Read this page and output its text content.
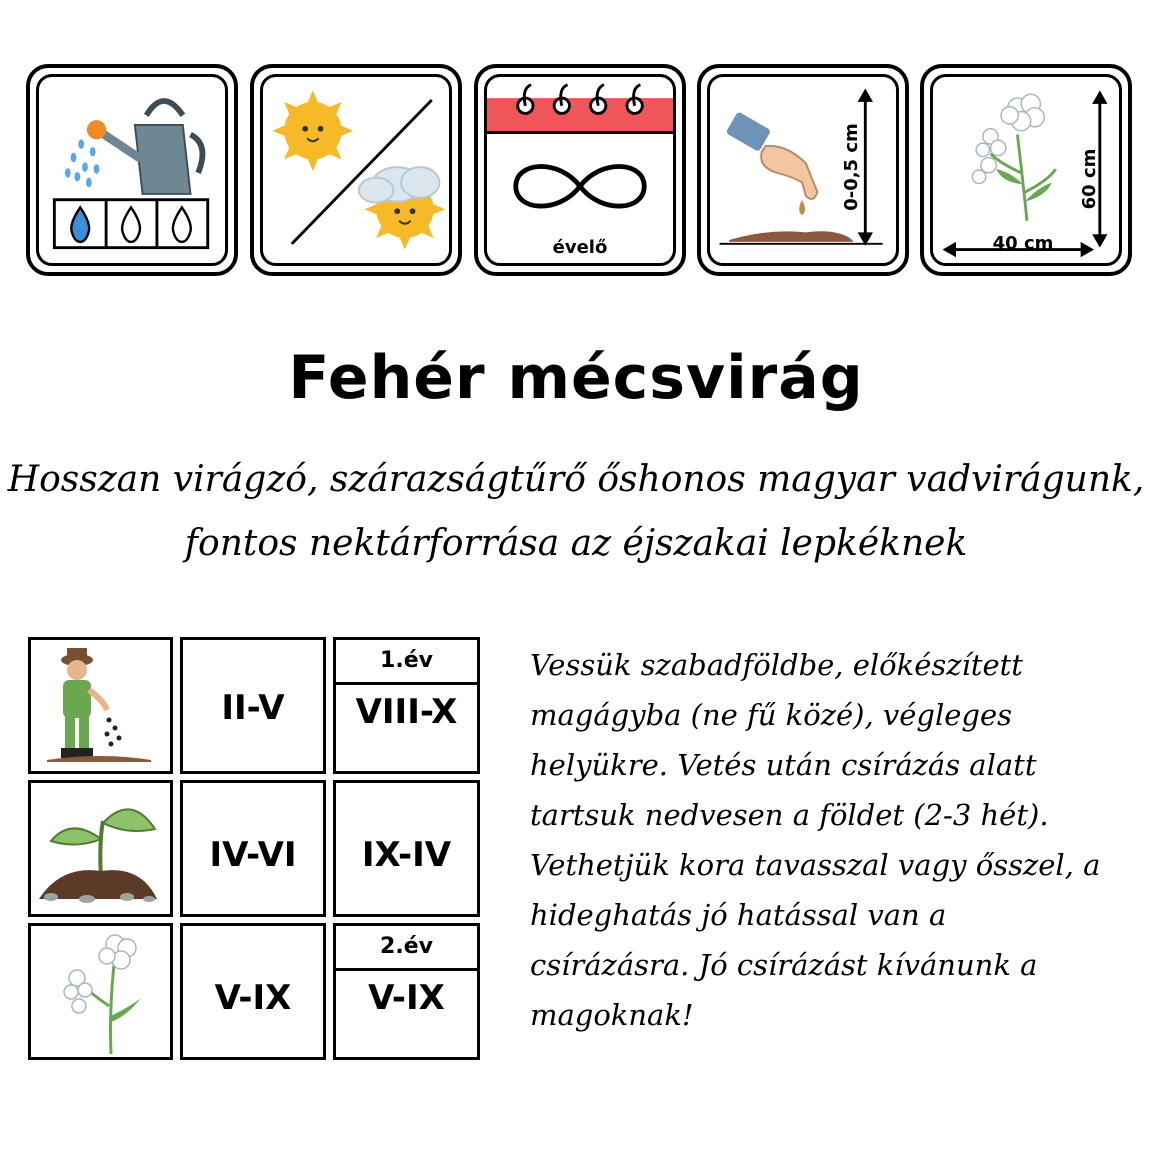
évelő
0-0,5 cm
40 cm
60 cm
Fehér mécsvirág
Hosszan virágzó, szárazságtűrő őshonos magyar vadvirágunk,
fontos nektárforrása az éjszakai lepkéknek
II-V
1.év
VIII-X
IV-VI	IX-IV
V-IX
2.év
V-IX
Vessük szabadföldbe, előkészített
magágyba (ne fű közé), végleges
helyükre. Vetés után csírázás alatt
tartsuk nedvesen a földet (2-3 hét).
Vethetjük kora tavasszal vagy ősszel, a
hideghatás jó hatással van a
csírázásra. Jó csírázást kívánunk a
magoknak!
